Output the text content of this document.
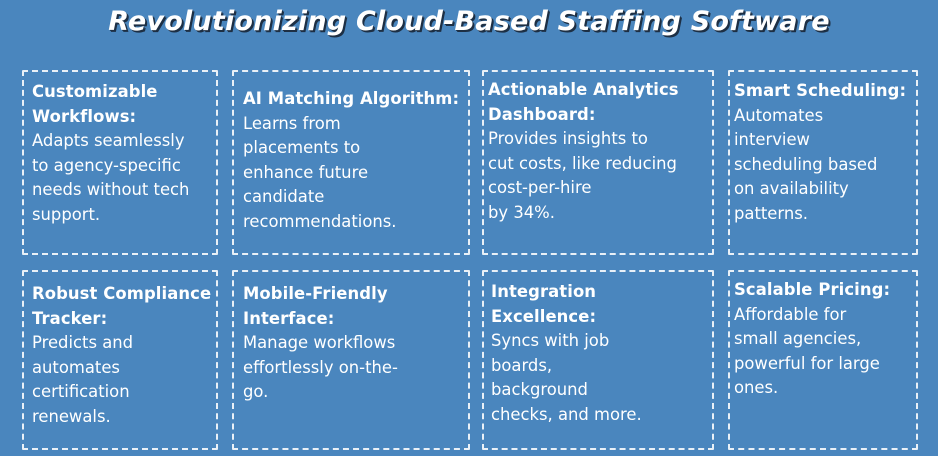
Revolutionizing Cloud-Based Staffing Software
Customizable
Workflows:
Adapts seamlessly
to agency-specific
needs without tech
support.
AI Matching Algorithm:
Learns from
placements to
enhance future
candidate
recommendations.
Actionable Analytics
Dashboard:
Provides insights to
cut costs, like reducing
cost-per-hire
by 34%.
Smart Scheduling:
Automates
interview
scheduling based
on availability
patterns.
Robust Compliance
Tracker:
Predicts and
automates
certification
renewals.
Mobile-Friendly
Interface:
Manage workflows
effortlessly on-the-
go.
Integration
Excellence:
Syncs with job
boards,
background
checks, and more.
Scalable Pricing:
Affordable for
small agencies,
powerful for large
ones.
